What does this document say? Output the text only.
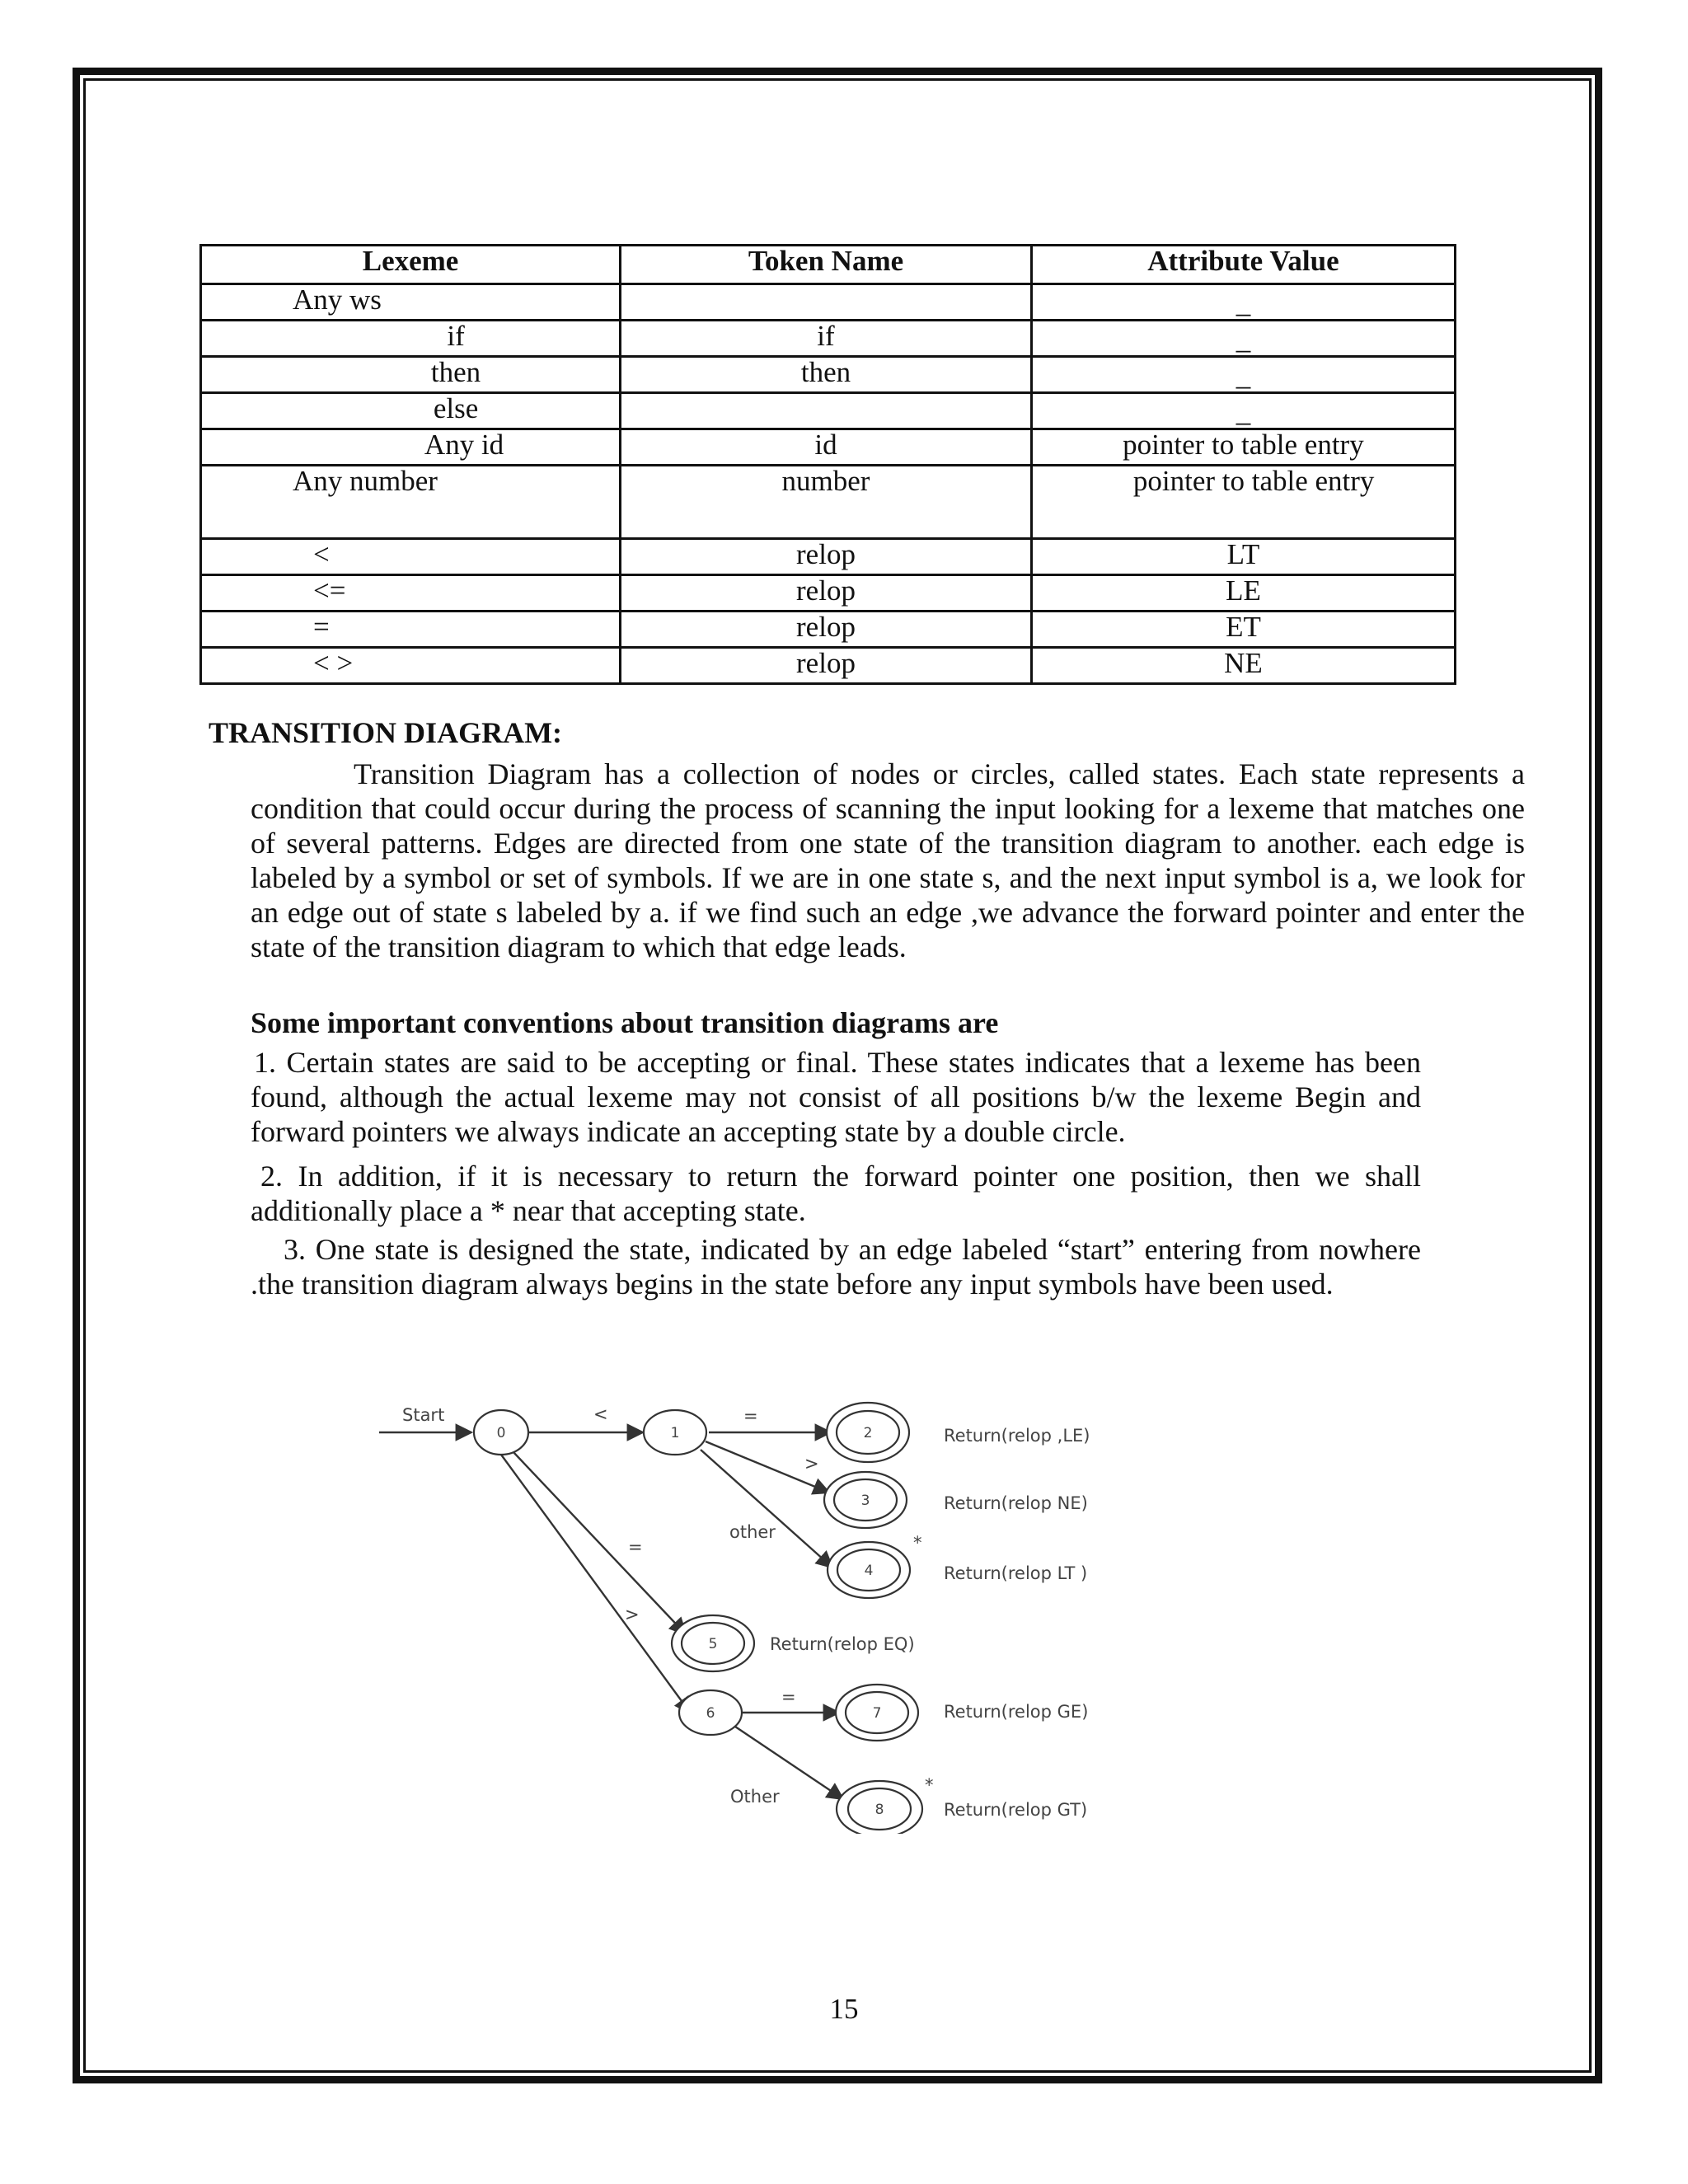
Lexeme	Token Name	Attribute Value
Any ws		_
if	if	_
then	then	_
else		_
Any id	id	pointer to table entry
Any number	number	pointer to table entry
<	relop	LT
<=	relop	LE
=	relop	ET
< >	relop	NE
TRANSITION DIAGRAM:
Transition Diagram has a collection of nodes or circles, called states. Each state represents a condition that could occur during the process of scanning the input looking for a lexeme that matches one of several patterns. Edges are directed from one state of the transition diagram to another. each edge is labeled by a symbol or set of symbols. If we are in one state s, and the next input symbol is a, we look for an edge out of state s labeled by a. if we find such an edge ,we advance the forward pointer and enter the state of the transition diagram to which that edge leads.
Some important conventions about transition diagrams are
1. Certain states are said to be accepting or final. These states indicates that a lexeme has been found, although the actual lexeme may not consist of all positions b/w the lexeme Begin and forward pointers we always indicate an accepting state by a double circle.
2. In addition, if it is necessary to return the forward pointer one position, then we shall additionally place a * near that accepting state.
3. One state is designed the state, indicated by an edge labeled “start” entering from nowhere .the transition diagram always begins in the state before any input symbols have been used.
0	1	2
3
4
5
6	7
8
Start	<	=
>
other
=
>
=
Other
*
*
Return(relop ,LE)
Return(relop NE)
Return(relop LT )
Return(relop EQ)
Return(relop GE)
Return(relop GT)
15
